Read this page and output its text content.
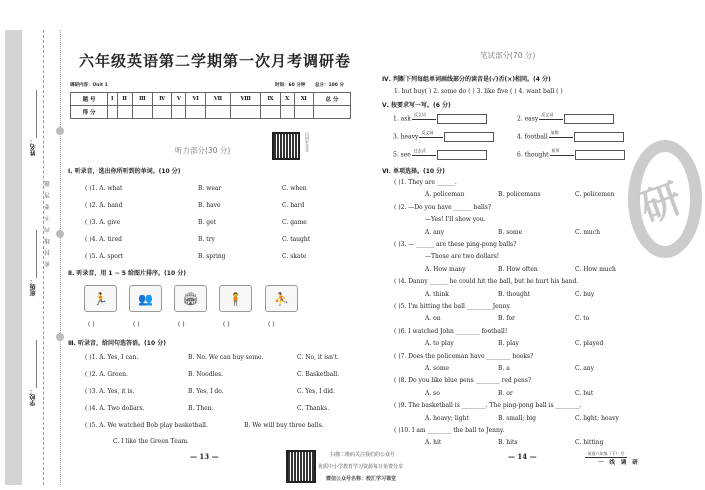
姓名：________________
班级：________________
学校：________________
密封线内不要答题
六年级英语第二学期第一次月考调研卷
调研内容：Unit 1	时间：60 分钟 总分：100 分
题 号	Ⅰ	Ⅱ	Ⅲ	Ⅳ	Ⅴ	Ⅵ	Ⅶ	Ⅷ	Ⅸ	Ⅹ	Ⅺ	总 分
得 分												
扫码听录音
听力部分(30 分)
🏃	👥	🏟	🧍	⛹
— 13 —	扫描二维码关注我们的公众号
优质中小学教育学习资源每日免费分享
微信公众号名称：校汇学习课堂
研
笔试部分(70 分)
— 14 —	· 英语六年级（下）· 月 ·
一 线 调 研
Ⅰ. 听录音，选出你所听到的单词。(10 分)
( )1. A. what	B. wear	C. when
( )2. A. hand	B. have	C. hard
( )3. A. give	B. get	C. game
( )4. A. tired	B. try	C. taught
( )5. A. sport	B. spring	C. skate
Ⅱ. 听录音，用 1 ~ 5 给图片排序。(10 分)
( )	( )	( )	( )	( )
Ⅲ. 听录音，给问句选答语。(10 分)
( )1. A. Yes, I can.	B. No. We can buy some.	C. No, it isn't.
( )2. A. Green.	B. Noodles.	C. Basketball.
( )3. A. Yes, it is.	B. Yes, I do.	C. Yes, I did.
( )4. A. Two dollars.	B. Then.	C. Thanks.
( )5. A. We watched Bob play basketball.	B. We will buy three balls.
C. I like the Green Team.
Ⅳ. 判断下列每组单词画线部分的读音是(√)否(×)相同。(4 分)
1. but buy( ) 2. some do ( ) 3. like five ( ) 4. want ball ( )
Ⅴ. 按要求写一写。(6 分)
1. ask
反义词
2. easy
反义词
3. heavy
反义词
4. football
复数
5. see
过去式
6. thought
原形
Ⅵ. 单项选择。(10 分)
( )1. They are ______.
A. policeman	B. policemans	C. policemen
( )2. —Do you have ______ balls?
—Yes! I'll show you.
A. any	B. some	C. much
( )3. — ______ are these ping-pong balls?
—Those are two dollars!
A. How many	B. How often	C. How much
( )4. Danny ______ he could hit the ball, but he hurt his hand.
A. think	B. thought	C. buy
( )5. I'm hitting the ball ________ Jenny.
A. on	B. for	C. to
( )6. I watched John ________ football!
A. to play	B. play	C. played
( )7. Does the policeman have ________ books?
A. some	B. a	C. any
( )8. Do you like blue pens ________ red pens?
A. so	B. or	C. but
( )9. The basketball is ________. The ping-pong ball is ________.
A. heavy; light	B. small; big	C. light; heavy
( )10. I am ________ the ball to Jenny.
A. hit	B. hits	C. hitting
